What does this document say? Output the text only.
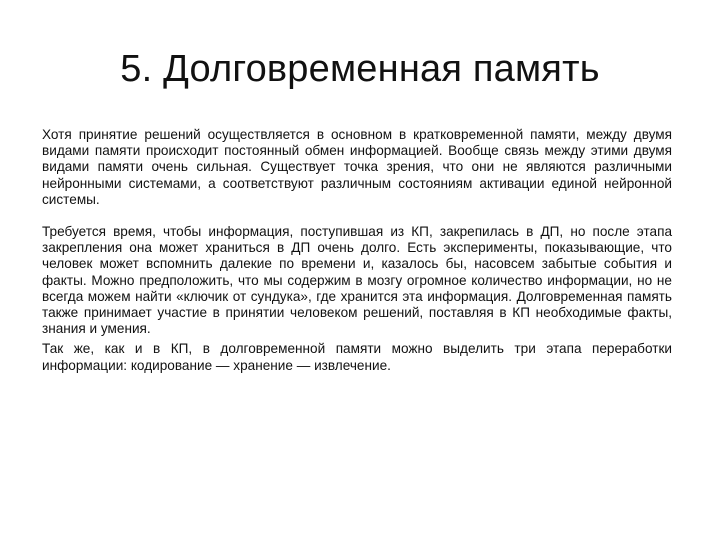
5. Долговременная память

Хотя принятие решений осуществляется в основном в кратковременной памяти, между двумя видами памяти происходит постоянный обмен информацией. Вообще связь между этими двумя видами памяти очень сильная. Существует точка зрения, что они не являются различными нейронными системами, а соответствуют различным состояниям активации единой нейронной системы.

Требуется время, чтобы информация, поступившая из КП, закрепилась в ДП, но после этапа закрепления она может храниться в ДП очень долго. Есть эксперименты, показывающие, что человек может вспомнить далекие по времени и, казалось бы, насовсем забытые события и факты. Можно предположить, что мы содержим в мозгу огромное количество информации, но не всегда можем найти «ключик от сундука», где хранится эта информация. Долговременная память также принимает участие в принятии человеком решений, поставляя в КП необходимые факты, знания и умения.

Так же, как и в КП, в долговременной памяти можно выделить три этапа переработки информации: кодирование — хранение — извлечение.
